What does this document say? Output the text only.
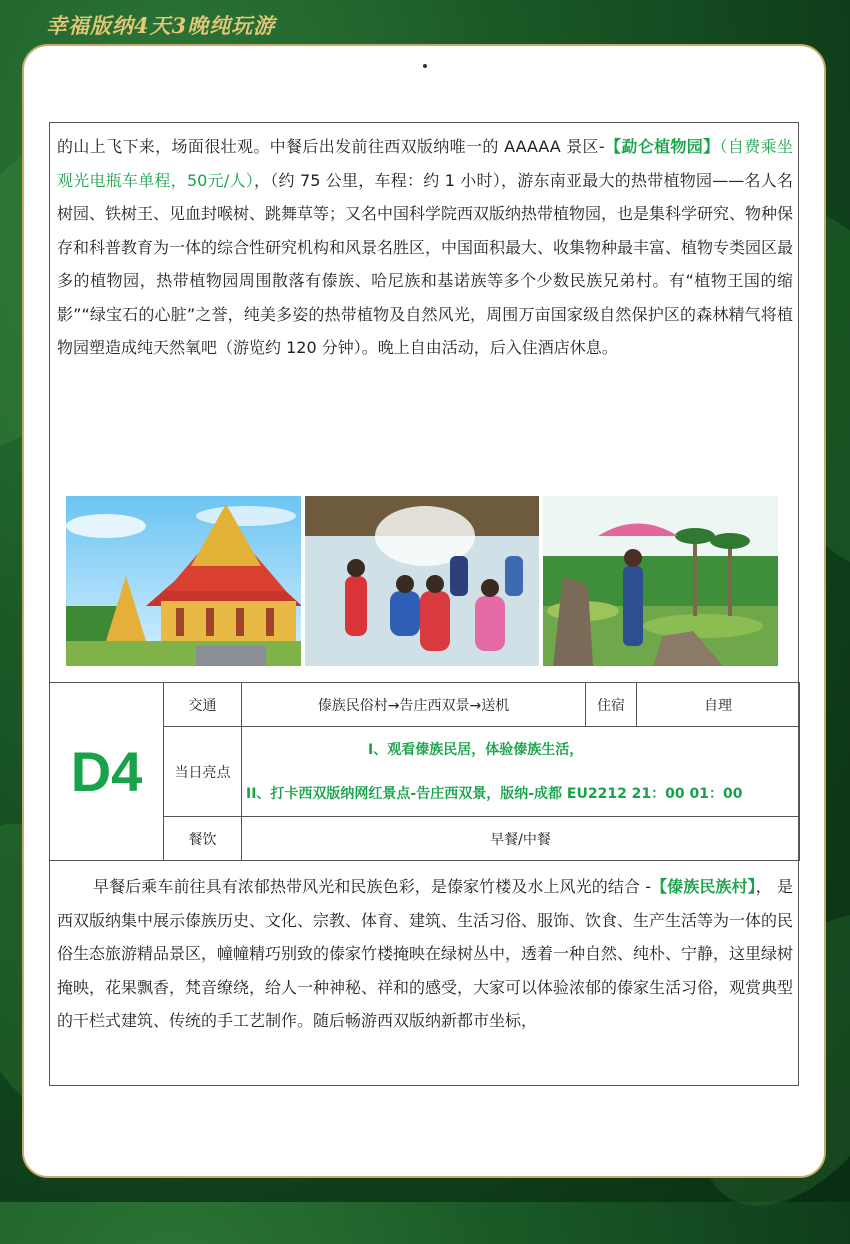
幸福版纳4天3晚纯玩游

的山上飞下来，场面很壮观。中餐后出发前往西双版纳唯一的 AAAAA 景区-【勐仑植物园】（自费乘坐观光电瓶车单程，50元/人），（约 75 公里，车程：约 1 小时），游东南亚最大的热带植物园——名人名树园、铁树王、见血封喉树、跳舞草等；又名中国科学院西双版纳热带植物园，也是集科学研究、物种保存和科普教育为一体的综合性研究机构和风景名胜区，中国面积最大、收集物种最丰富、植物专类园区最多的植物园，热带植物园周围散落有傣族、哈尼族和基诺族等多个少数民族兄弟村。有“植物王国的缩影”“绿宝石的心脏”之誉，纯美多姿的热带植物及自然风光，周围万亩国家级自然保护区的森林精气将植物园塑造成纯天然氧吧（游览约 120 分钟）。晚上自由活动，后入住酒店休息。

D4	交通	傣族民俗村→告庄西双景→送机	住宿	自理
	当日亮点	I、观看傣族民居，体验傣族生活，
II、打卡西双版纳网红景点-告庄西双景，版纳-成都 EU2212 21：00 01：00		

	餐饮	早餐/中餐		

早餐后乘车前往具有浓郁热带风光和民族色彩，是傣家竹楼及水上风光的结合 -【傣族民族村】， 是西双版纳集中展示傣族历史、文化、宗教、体育、建筑、生活习俗、服饰、饮食、生产生活等为一体的民俗生态旅游精品景区，幢幢精巧别致的傣家竹楼掩映在绿树丛中，透着一种自然、纯朴、宁静，这里绿树掩映，花果飘香，梵音缭绕，给人一种神秘、祥和的感受，大家可以体验浓郁的傣家生活习俗，观赏典型的干栏式建筑、传统的手工艺制作。随后畅游西双版纳新都市坐标，
